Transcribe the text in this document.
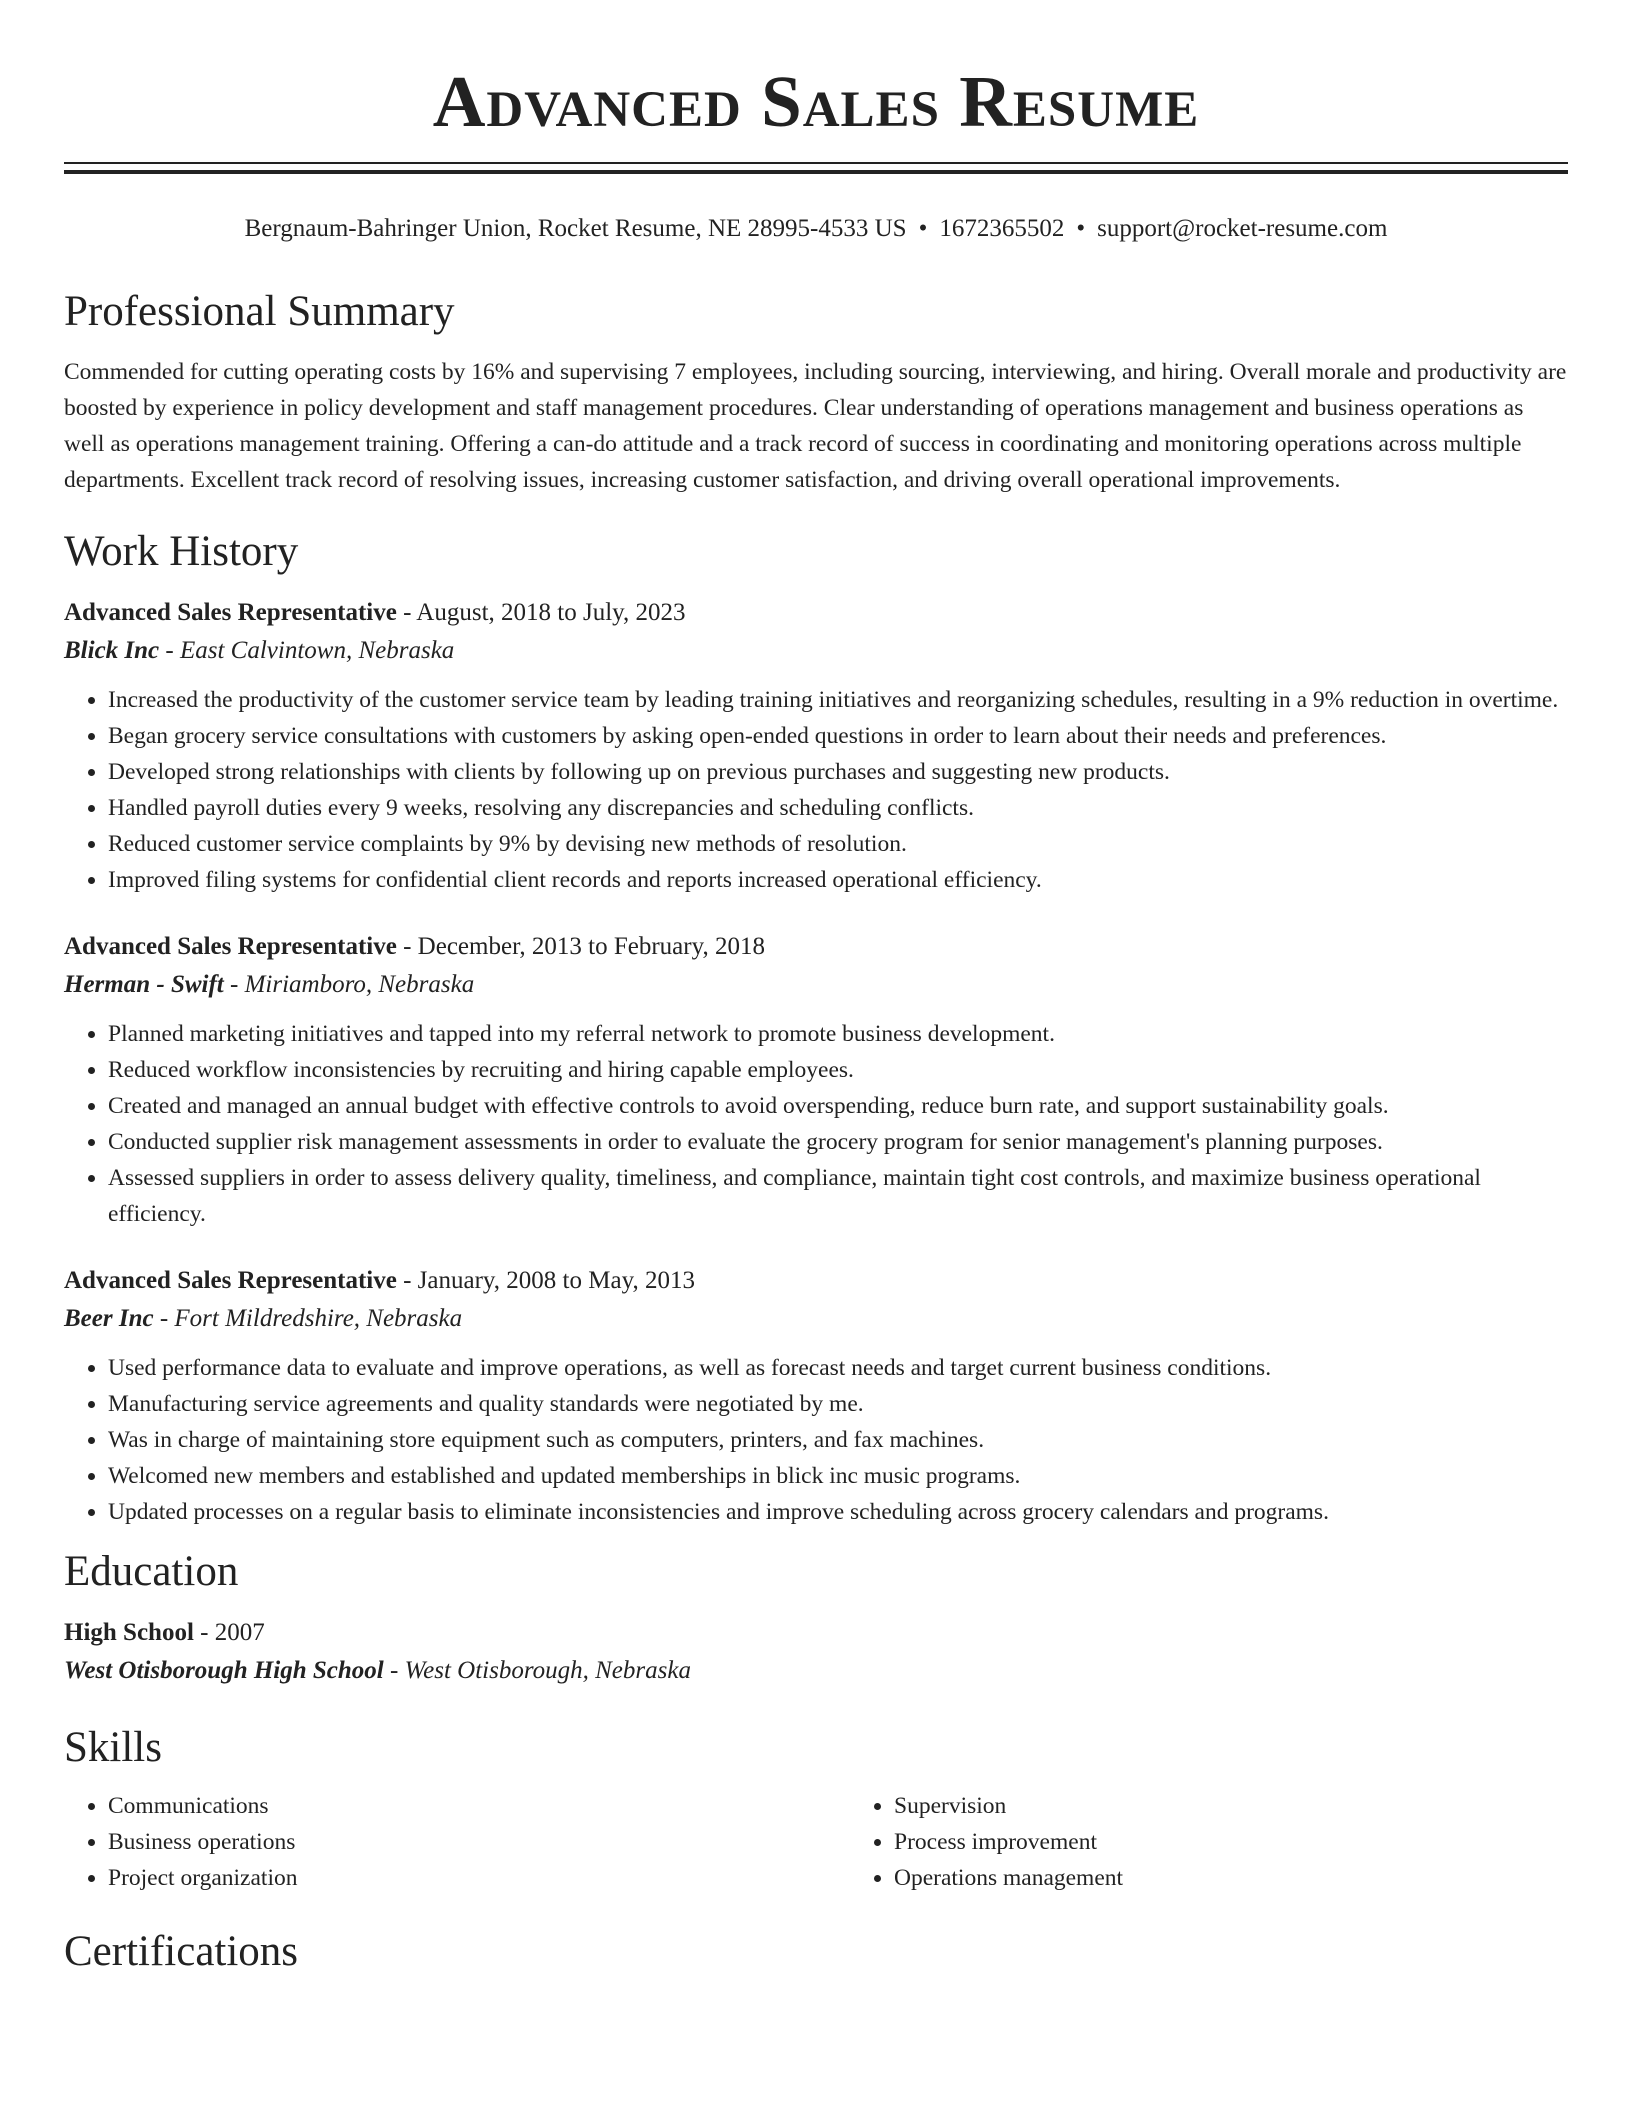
Advanced Sales Resume
Bergnaum-Bahringer Union, Rocket Resume, NE 28995-4533 US • 1672365502 • support@rocket-resume.com
Professional Summary

Commended for cutting operating costs by 16% and supervising 7 employees, including sourcing, interviewing, and hiring. Overall morale and productivity are boosted by experience in policy development and staff management procedures. Clear understanding of operations management and business operations as well as operations management training. Offering a can-do attitude and a track record of success in coordinating and monitoring operations across multiple departments. Excellent track record of resolving issues, increasing customer satisfaction, and driving overall operational improvements.

Work History
Advanced Sales Representative - August, 2018 to July, 2023
Blick Inc - East Calvintown, Nebraska
• Increased the productivity of the customer service team by leading training initiatives and reorganizing schedules, resulting in a 9% reduction in overtime.
• Began grocery service consultations with customers by asking open-ended questions in order to learn about their needs and preferences.
• Developed strong relationships with clients by following up on previous purchases and suggesting new products.
• Handled payroll duties every 9 weeks, resolving any discrepancies and scheduling conflicts.
• Reduced customer service complaints by 9% by devising new methods of resolution.
• Improved filing systems for confidential client records and reports increased operational efficiency.
Advanced Sales Representative - December, 2013 to February, 2018
Herman - Swift - Miriamboro, Nebraska
• Planned marketing initiatives and tapped into my referral network to promote business development.
• Reduced workflow inconsistencies by recruiting and hiring capable employees.
• Created and managed an annual budget with effective controls to avoid overspending, reduce burn rate, and support sustainability goals.
• Conducted supplier risk management assessments in order to evaluate the grocery program for senior management's planning purposes.
• Assessed suppliers in order to assess delivery quality, timeliness, and compliance, maintain tight cost controls, and maximize business operational efficiency.
Advanced Sales Representative - January, 2008 to May, 2013
Beer Inc - Fort Mildredshire, Nebraska
• Used performance data to evaluate and improve operations, as well as forecast needs and target current business conditions.
• Manufacturing service agreements and quality standards were negotiated by me.
• Was in charge of maintaining store equipment such as computers, printers, and fax machines.
• Welcomed new members and established and updated memberships in blick inc music programs.
• Updated processes on a regular basis to eliminate inconsistencies and improve scheduling across grocery calendars and programs.
Education
High School - 2007
West Otisborough High School - West Otisborough, Nebraska
Skills
• Communications
• Business operations
• Project organization
• Supervision
• Process improvement
• Operations management
Certifications
